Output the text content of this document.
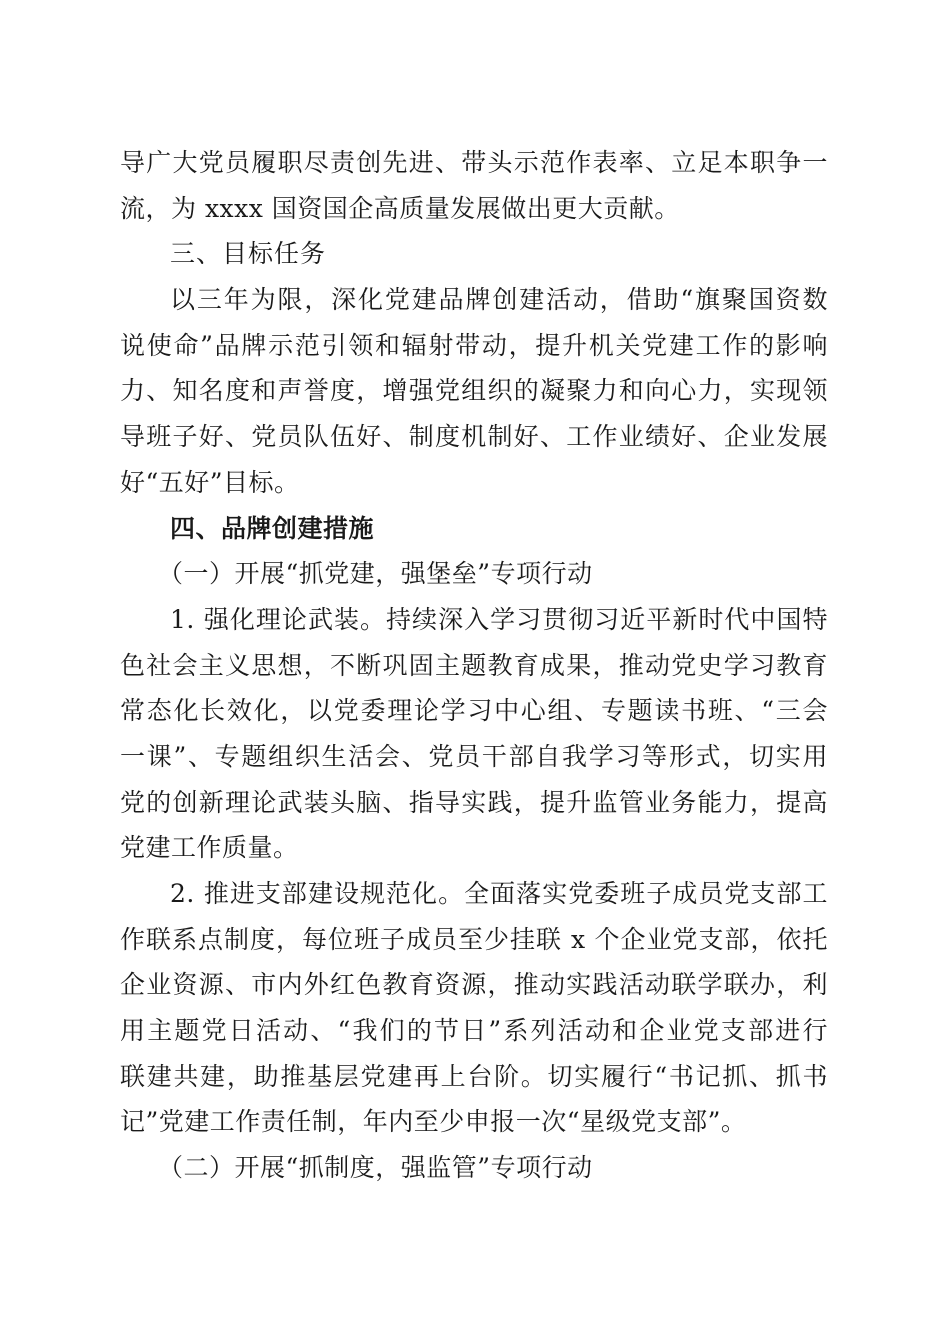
导广大党员履职尽责创先进、带头示范作表率、立足本职争一
流，为 xxxx 国资国企高质量发展做出更大贡献。
三、目标任务
以三年为限，深化党建品牌创建活动，借助“旗聚国资数
说使命”品牌示范引领和辐射带动，提升机关党建工作的影响
力、知名度和声誉度，增强党组织的凝聚力和向心力，实现领
导班子好、党员队伍好、制度机制好、工作业绩好、企业发展
好“五好”目标。
四、品牌创建措施
（一）开展“抓党建，强堡垒”专项行动
1. 强化理论武装。持续深入学习贯彻习近平新时代中国特
色社会主义思想，不断巩固主题教育成果，推动党史学习教育
常态化长效化，以党委理论学习中心组、专题读书班、“三会
一课”、专题组织生活会、党员干部自我学习等形式，切实用
党的创新理论武装头脑、指导实践，提升监管业务能力，提高
党建工作质量。
2. 推进支部建设规范化。全面落实党委班子成员党支部工
作联系点制度，每位班子成员至少挂联 x 个企业党支部，依托
企业资源、市内外红色教育资源，推动实践活动联学联办，利
用主题党日活动、“我们的节日”系列活动和企业党支部进行
联建共建，助推基层党建再上台阶。切实履行“书记抓、抓书
记”党建工作责任制，年内至少申报一次“星级党支部”。
（二）开展“抓制度，强监管”专项行动
